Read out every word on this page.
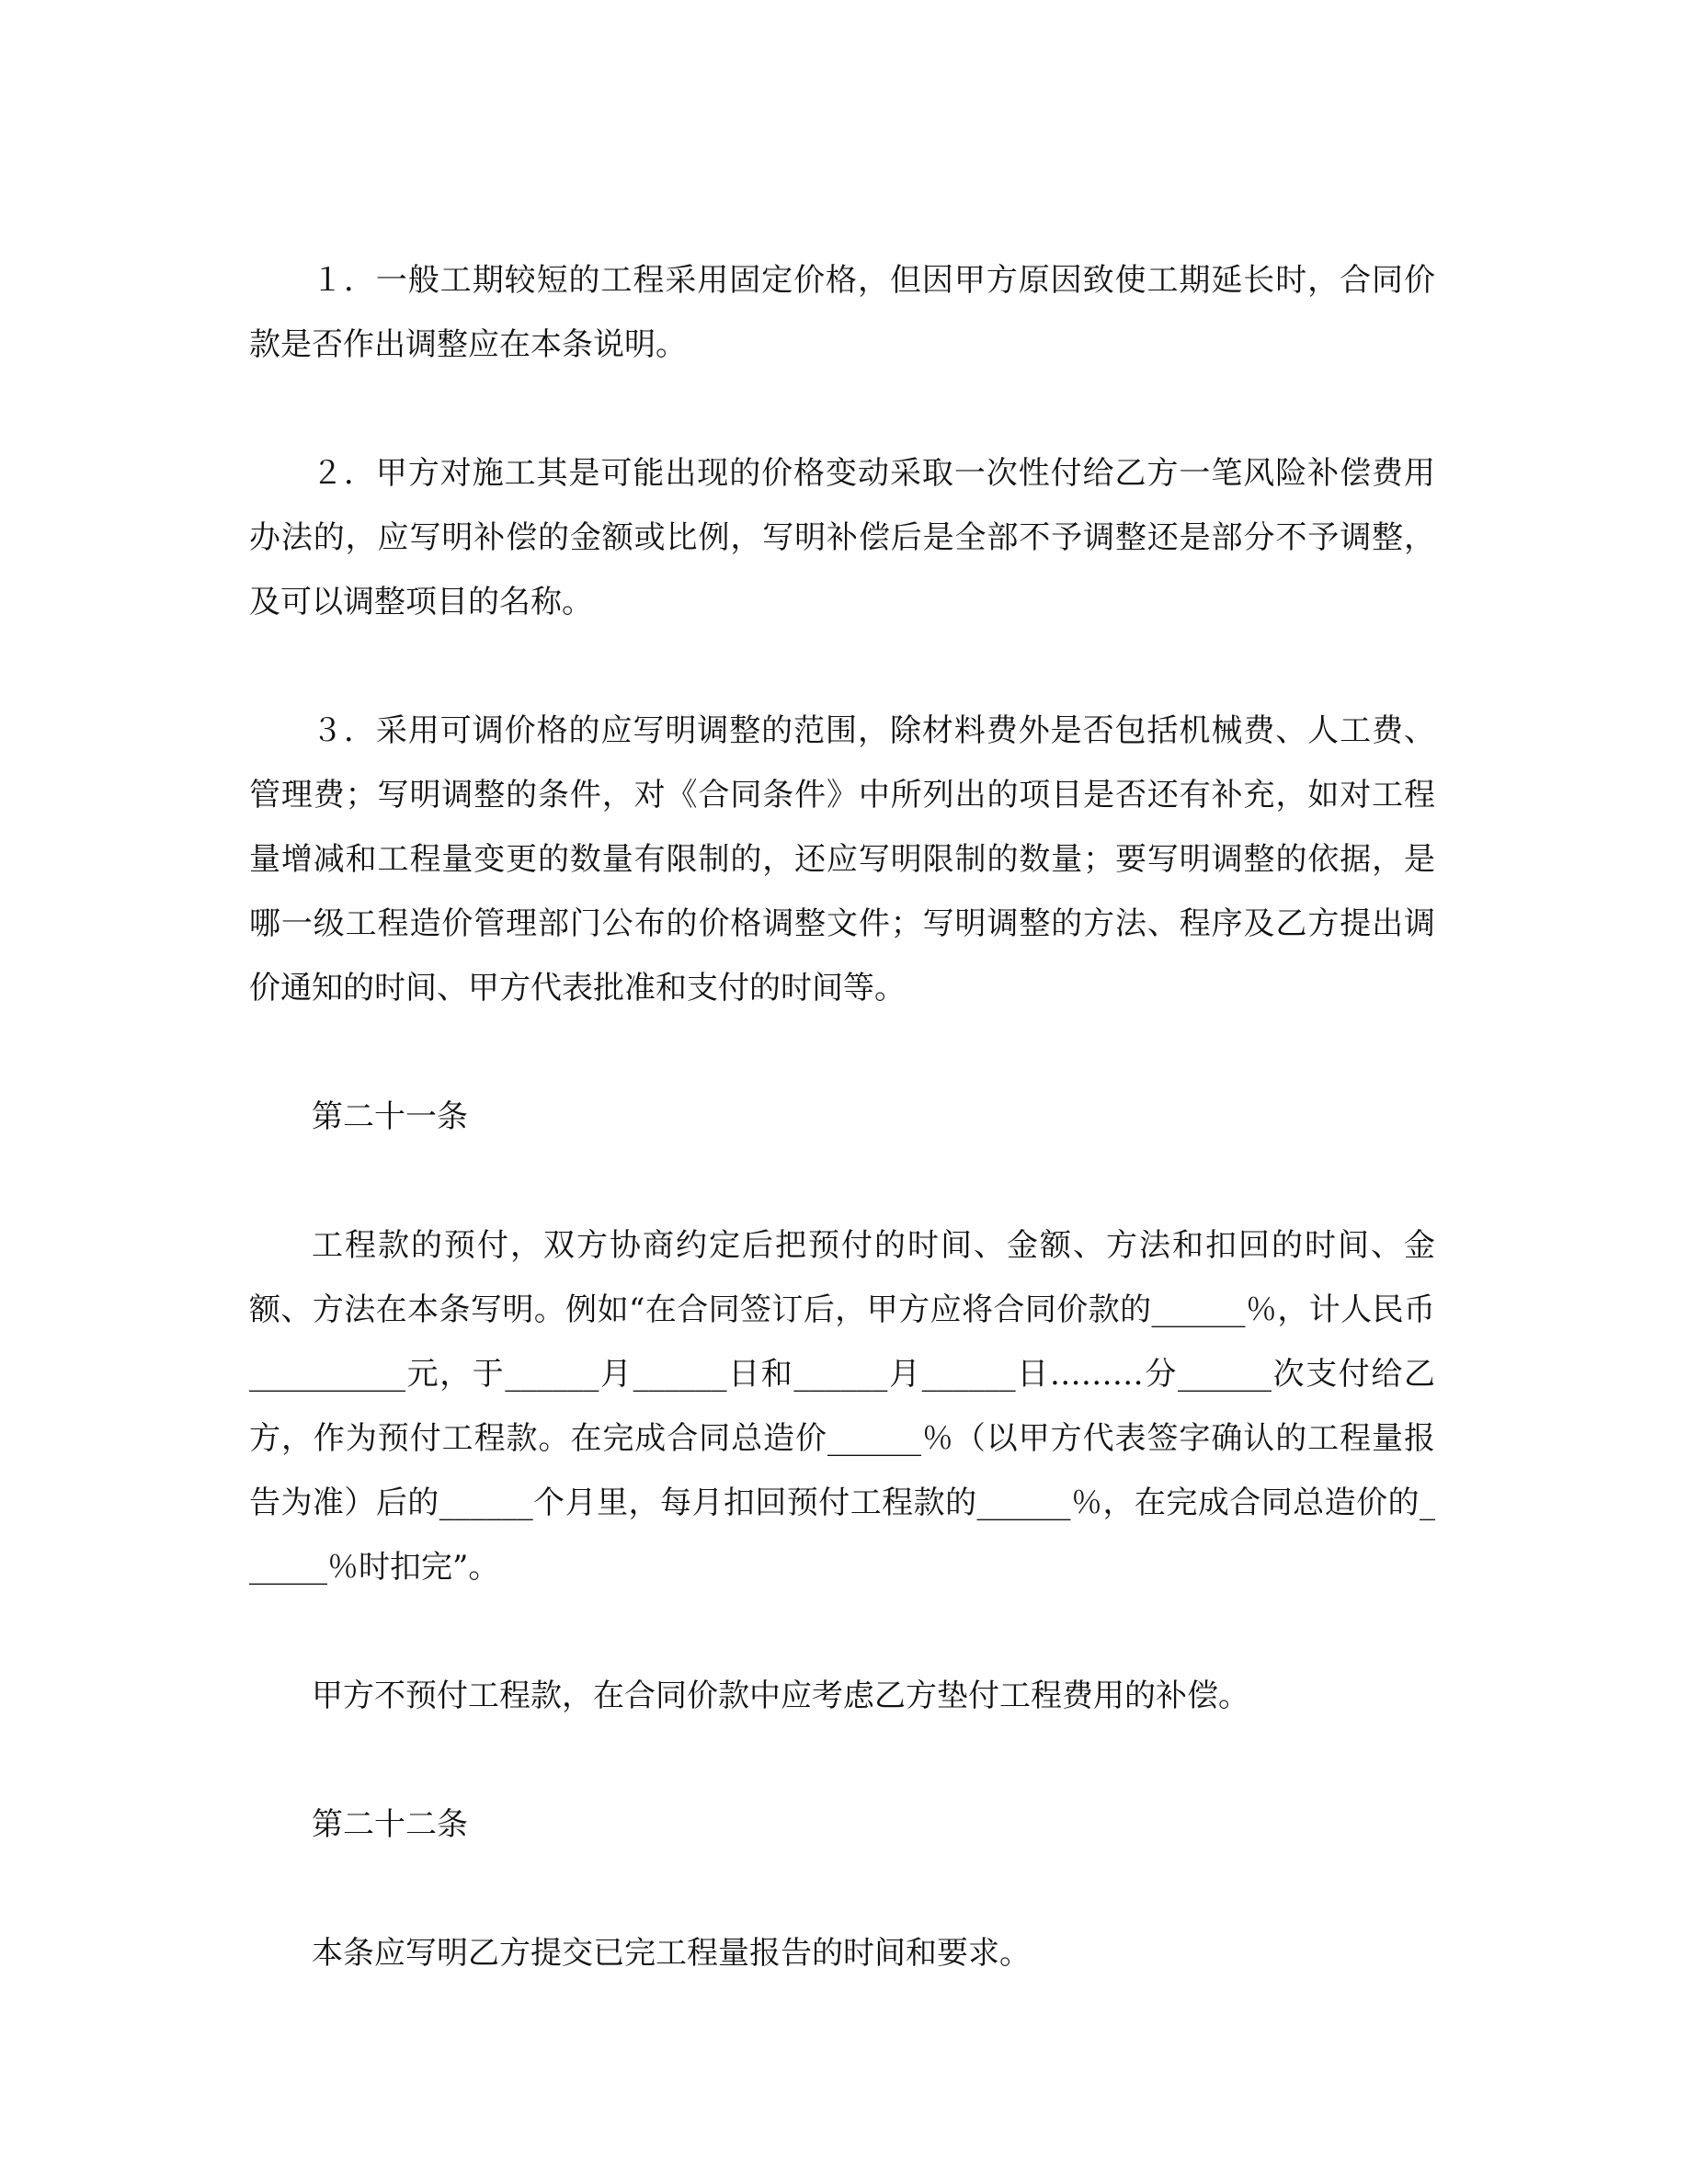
１．一般工期较短的工程采用固定价格，但因甲方原因致使工期延长时，合同价款是否作出调整应在本条说明。

２．甲方对施工其是可能出现的价格变动采取一次性付给乙方一笔风险补偿费用办法的，应写明补偿的金额或比例，写明补偿后是全部不予调整还是部分不予调整，及可以调整项目的名称。

３．采用可调价格的应写明调整的范围，除材料费外是否包括机械费、人工费、管理费；写明调整的条件，对《合同条件》中所列出的项目是否还有补充，如对工程量增减和工程量变更的数量有限制的，还应写明限制的数量；要写明调整的依据，是哪一级工程造价管理部门公布的价格调整文件；写明调整的方法、程序及乙方提出调价通知的时间、甲方代表批准和支付的时间等。

第二十一条

工程款的预付，双方协商约定后把预付的时间、金额、方法和扣回的时间、金额、方法在本条写明。例如“在合同签订后，甲方应将合同价款的______％，计人民币__________元，于______月______日和______月______日………分______次支付给乙方，作为预付工程款。在完成合同总造价______％（以甲方代表签字确认的工程量报告为准）后的______个月里，每月扣回预付工程款的______％，在完成合同总造价的______％时扣完”。

甲方不预付工程款，在合同价款中应考虑乙方垫付工程费用的补偿。

第二十二条

本条应写明乙方提交已完工程量报告的时间和要求。
